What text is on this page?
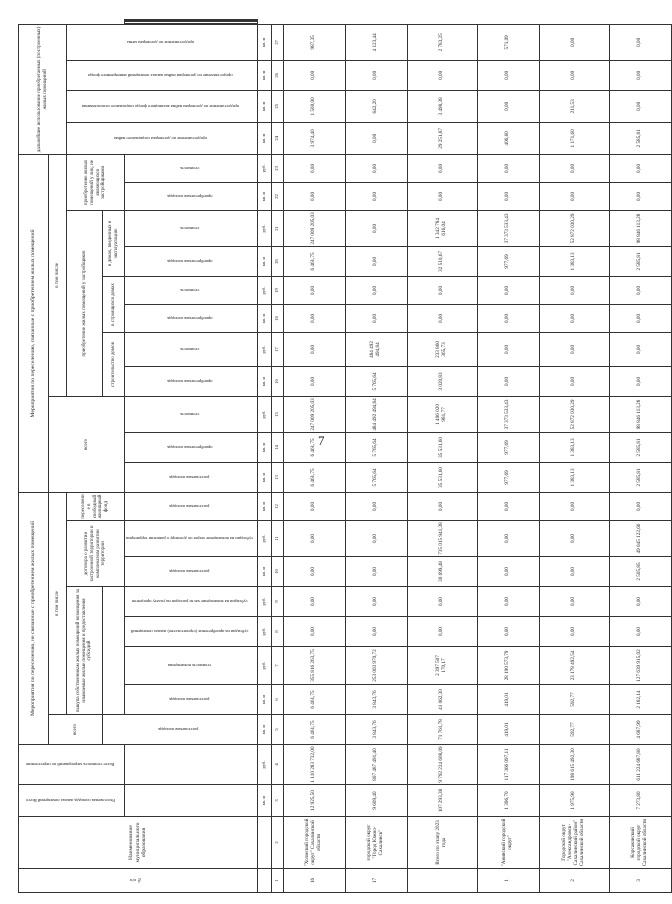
7
№ п/п	Наименование муниципального образования	Расселяемая площадь жилых помещений Всего	Всего стоимость мероприятий по переселению	Мероприятия по переселению, не связанные с приобретением жилых помещений								Мероприятия по переселению, связанные с приобретением жилых помещений											дальнейшее использование приобретаемых (построенных) жилых помещений					
				всего	в том числе							всего			в том числе													
					выкупа собственникам жилых помещений возмещения за изымаемые жилые помещения и предоставления субсидий				договора о развитии застроенной территории и комплексном развитии территории		переселение в свободный жилищный фонд				приобретение жилых помещений у застройщиков						приобретение жилых помещений у лиц, не являющихся застройщиками		предоставление по договорам социального найма	предоставление по договорам найма жилищного фонда социального использования	предоставление по договорам найма жилых помещений маневренного фонда	предоставление по договорам мены		
				расселяемая площадь											строительство домов		в строящихся домах		в домах, введенных в эксплуатацию									
					расселяемая площадь	стоимость возмещения	субсидии на приобретение (строительство) жилых помещений	субсидии на возмещение части расходов на уплату процентов	расселяемая площадь	субсидии на возмещение затрат по договору о развитии территории	расселяемая площадь	расселяемая площадь	приобретаемая площадь	стоимость	приобретаемая площадь	стоимость	приобретаемая площадь	стоимость	приобретаемая площадь	стоимость	приобретаемая площадь	стоимость				
		кв. м	руб.	кв. м	кв. м	руб.	руб.	руб.	кв. м	руб.	кв. м	кв. м	кв. м	руб.	кв. м	руб.	кв. м	руб.	кв. м	руб.	кв. м	руб.	кв. м	кв. м	кв. м	кв. м		
1	2	3	4	5	6	7	8	9	10	11	12	13	14	15	16	17	18	19	20	21	22	23	24	25	26	27		
16	"Холмский городской округ" Сахалинской области	12 925,50	1 110 283 732,00	6 461,75	6 461,75	355 816 263,75	0,00	0,00	0,00	0,00	0,00	6 461,75	6 461,75	247 009 205,03	0,00	0,00	0,00	0,00	6 461,75	247 009 205,03	0,00	0,00	3 974,40	1 500,00	0,00	987,35		
17	городской округ "Город Южно-Сахалинск"	9 609,40	807 487 491,40	3 843,76	3 843,76	253 003 970,72	0,00	0,00	0,00	0,00	0,00	5 765,64	5 765,64	484 492 494,84	5 765,64	484 492 494,84	0,00	0,00	0,00	0,00	0,00	0,00	0,00	642,20	0,00	4 123,44		
	Всего по этапу 2023 года	107 293,38	9 792 224 608,09	71 761,78	41 062,30	2 397 507 170,17	0,00	0,00	30 699,48	735 015 941,38	0,00	35 531,60	35 531,60	1 406 020 981,77	3 020,83	233 860 365,73	0,00	0,00	32 510,67	1 342 784 616,04	0,00	0,00	29 251,87	3 498,38	0,00	2 783,25		
1	"Анивский городской округ"	1 396,70	117 366 097,11	419,01	419,01	28 190 573,79	0,00	0,00	0,00	0,00	0,00	977,69	977,69	37 373 533,43	0,00	0,00	0,00	0,00	977,69	37 373 533,43	0,00	0,00	406,60	0,00	0,00	571,09		
2	Городской округ "Александровск-Сахалинский район" Сахалинской области	1 975,90	198 615 492,30	592,77	592,77	23 178 492,54	0,00	0,00	0,00	0,00	0,00	1 383,13	1 383,13	52 872 030,29	0,00	0,00	0,00	0,00	1 383,13	52 872 030,29	0,00	0,00	1 171,60	211,53	0,00	0,00		
3	Корсаковский городской округ Сахалинской области	7 273,80	611 224 687,80	4 687,99	2 182,14	127 639 915,02	0,00	0,00	2 505,85	49 045 122,66	0,00	2 585,81	2 585,81	98 846 113,28	0,00	0,00	0,00	0,00	2 585,81	98 846 113,28	0,00	0,00	2 585,81	0,00	0,00	0,00		
